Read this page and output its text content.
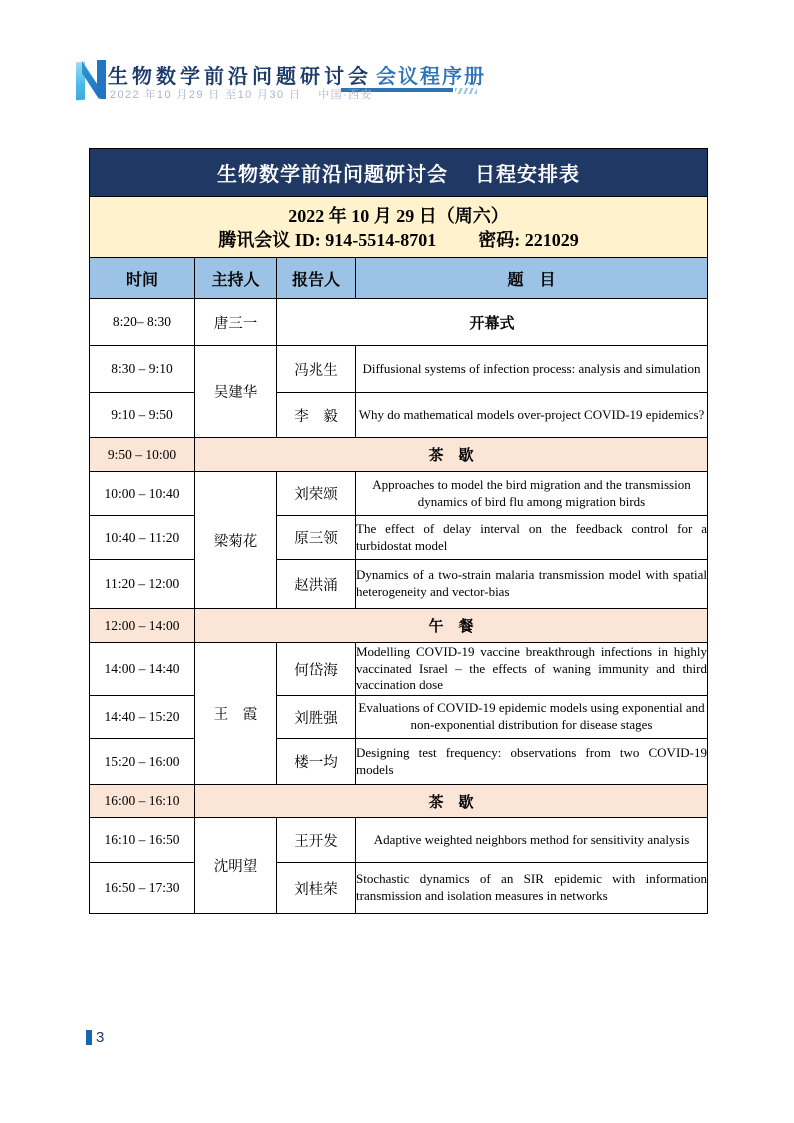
生物数学前沿问题研讨会 会议程序册
2022 年10 月29 日 至10 月30 日　 中国·西安
生物数学前沿问题研讨会　 日程安排表			

2022 年 10 月 29 日（周六）
腾讯会议 ID: 914-5514-8701 密码: 221029			

时间	主持人	报告人	题　目
8:20– 8:30	唐三一	开幕式	
8:30 – 9:10	吴建华	冯兆生	Diffusional systems of infection process: analysis and simulation
9:10 – 9:50		李　毅	Why do mathematical models over-project COVID-19 epidemics?
9:50 – 10:00	茶　歇		
10:00 – 10:40	梁菊花	刘荣颂	Approaches to model the bird migration and the transmission dynamics of bird flu among migration birds
10:40 – 11:20		原三领	The effect of delay interval on the feedback control for a turbidostat model
11:20 – 12:00		赵洪涌	Dynamics of a two-strain malaria transmission model with spatial heterogeneity and vector-bias
12:00 – 14:00	午　餐		
14:00 – 14:40	王　霞	何岱海	Modelling COVID-19 vaccine breakthrough infections in highly vaccinated Israel – the effects of waning immunity and third vaccination dose
14:40 – 15:20		刘胜强	Evaluations of COVID-19 epidemic models using exponential and non-exponential distribution for disease stages
15:20 – 16:00		楼一均	Designing test frequency: observations from two COVID-19 models
16:00 – 16:10	茶　歇		
16:10 – 16:50	沈明望	王开发	Adaptive weighted neighbors method for sensitivity analysis
16:50 – 17:30		刘桂荣	Stochastic dynamics of an SIR epidemic with information transmission and isolation measures in networks
3
